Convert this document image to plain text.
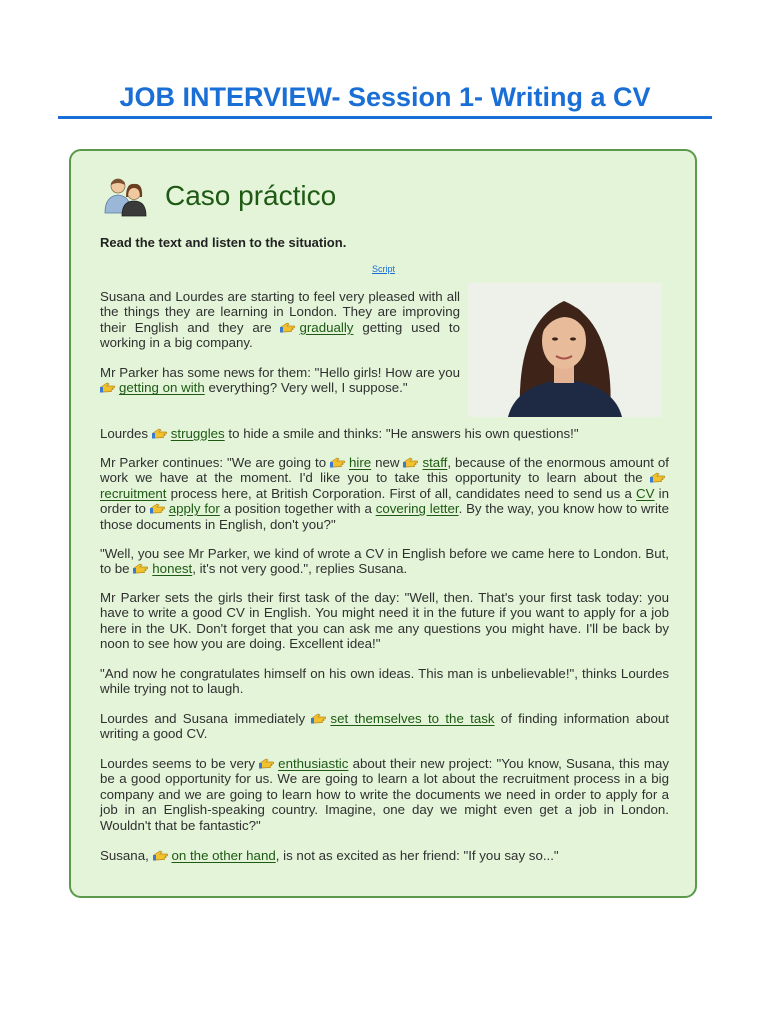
JOB INTERVIEW- Session 1- Writing a CV
Caso práctico

Read the text and listen to the situation.

Script

Susana and Lourdes are starting to feel very pleased with all the things they are learning in London. They are improving their English and they are gradually getting used to working in a big company.

Mr Parker has some news for them: "Hello girls! How are you getting on with everything? Very well, I suppose."

Lourdes struggles to hide a smile and thinks: "He answers his own questions!"

Mr Parker continues: "We are going to hire new staff, because of the enormous amount of work we have at the moment. I'd like you to take this opportunity to learn about the recruitment process here, at British Corporation. First of all, candidates need to send us a CV in order to apply for a position together with a covering letter. By the way, you know how to write those documents in English, don't you?"

"Well, you see Mr Parker, we kind of wrote a CV in English before we came here to London. But, to be honest, it's not very good.", replies Susana.

Mr Parker sets the girls their first task of the day: "Well, then. That's your first task today: you have to write a good CV in English. You might need it in the future if you want to apply for a job here in the UK. Don't forget that you can ask me any questions you might have. I'll be back by noon to see how you are doing. Excellent idea!"

"And now he congratulates himself on his own ideas. This man is unbelievable!", thinks Lourdes while trying not to laugh.

Lourdes and Susana immediately set themselves to the task of finding information about writing a good CV.

Lourdes seems to be very enthusiastic about their new project: "You know, Susana, this may be a good opportunity for us. We are going to learn a lot about the recruitment process in a big company and we are going to learn how to write the documents we need in order to apply for a job in an English-speaking country. Imagine, one day we might even get a job in London. Wouldn't that be fantastic?"

Susana, on the other hand, is not as excited as her friend: "If you say so..."
